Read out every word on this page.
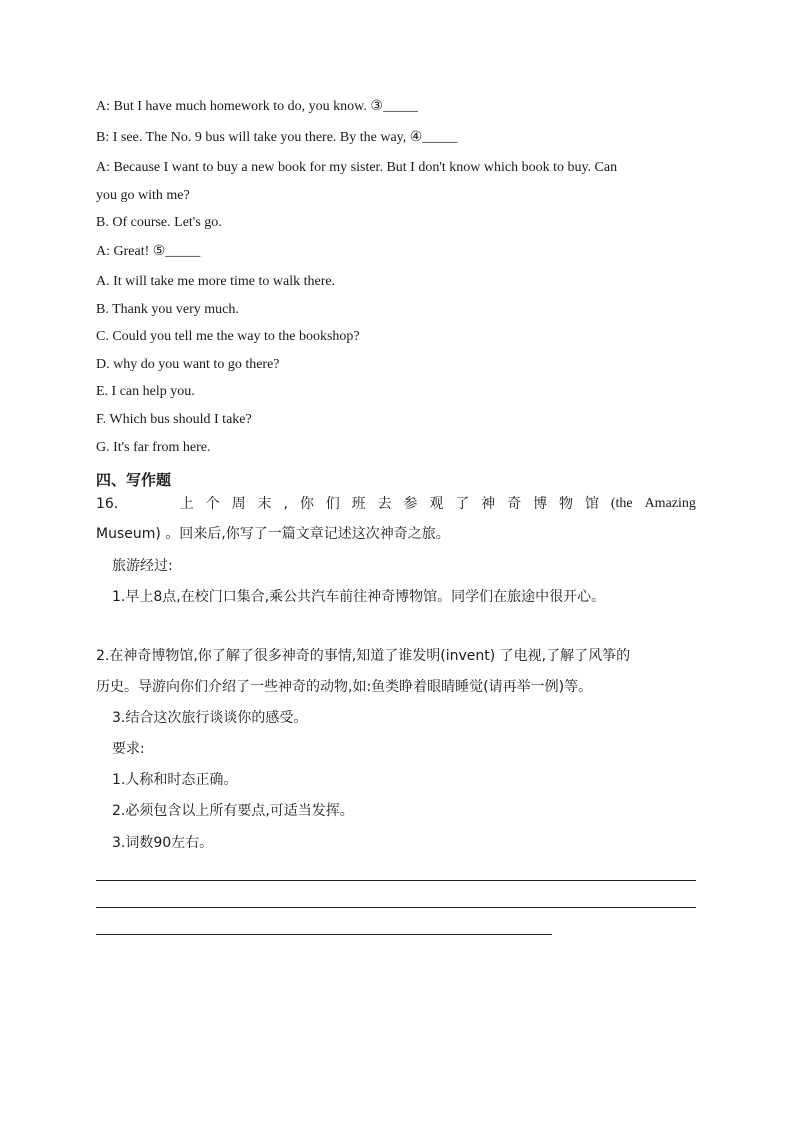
A: But I have much homework to do, you know. ③_____
B: I see. The No. 9 bus will take you there. By the way, ④_____
A: Because I want to buy a new book for my sister. But I don't know which book to buy. Can
you go with me?
B. Of course. Let's go.
A: Great! ⑤_____
A. It will take me more time to walk there.
B. Thank you very much.
C. Could you tell me the way to the bookshop?
D. why do you want to go there?
E. I can help you.
F. Which bus should I take?
G. It's far from here.
四、写作题
16．	上 个 周 末 , 你 们 班 去 参 观 了 神 奇 博 物 馆 (the Amazing
Museum) 。回来后,你写了一篇文章记述这次神奇之旅。
旅游经过:
1.早上8点,在校门口集合,乘公共汽车前往神奇博物馆。同学们在旅途中很开心。
2.在神奇博物馆,你了解了很多神奇的事情,知道了谁发明(invent) 了电视,了解了风筝的
历史。导游向你们介绍了一些神奇的动物,如:鱼类睁着眼睛睡觉(请再举一例)等。
3.结合这次旅行谈谈你的感受。
要求:
1.人称和时态正确。
2.必须包含以上所有要点,可适当发挥。
3.词数90左右。
